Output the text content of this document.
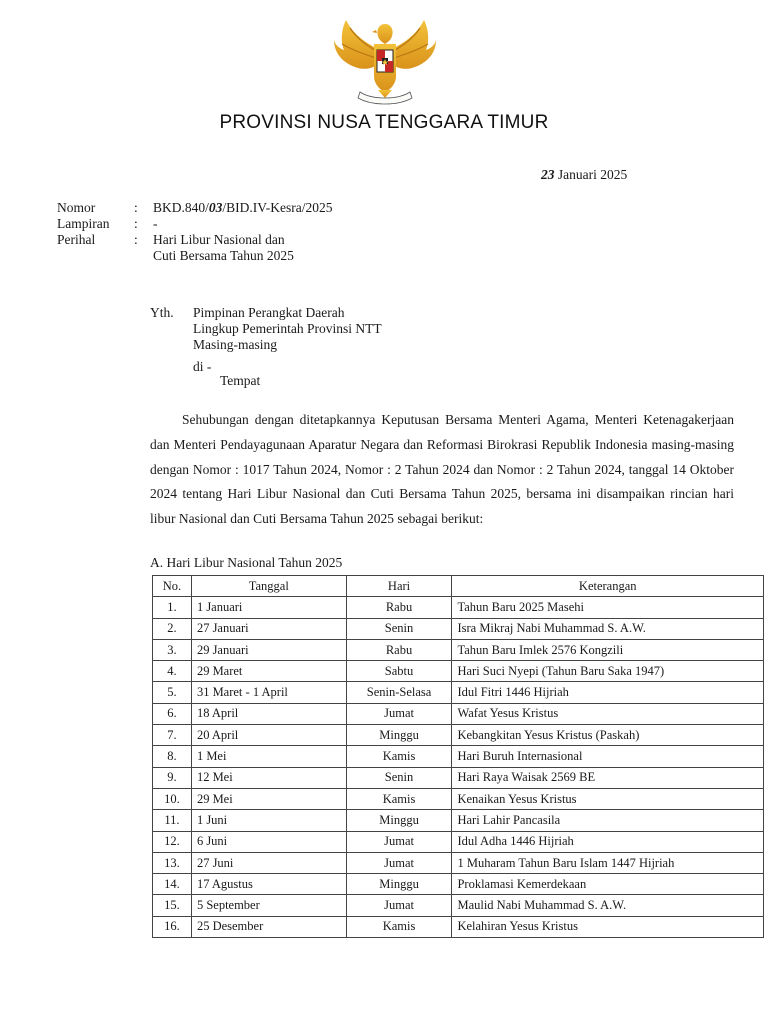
PROVINSI NUSA TENGGARA TIMUR
23 Januari 2025
Nomor	:	BKD.840/03/BID.IV-Kesra/2025
Lampiran	:	-
Perihal	:	Hari Libur Nasional dan
Cuti Bersama Tahun 2025
Yth.	Pimpinan Perangkat Daerah
Lingkup Pemerintah Provinsi NTT
Masing-masing
di -
Tempat
Sehubungan dengan ditetapkannya Keputusan Bersama Menteri Agama, Menteri Ketenagakerjaan dan Menteri Pendayagunaan Aparatur Negara dan Reformasi Birokrasi Republik Indonesia masing-masing dengan Nomor : 1017 Tahun 2024, Nomor : 2 Tahun 2024 dan Nomor : 2 Tahun 2024, tanggal 14 Oktober 2024 tentang Hari Libur Nasional dan Cuti Bersama Tahun 2025, bersama ini disampaikan rincian hari libur Nasional dan Cuti Bersama Tahun 2025 sebagai berikut:
A. Hari Libur Nasional Tahun 2025
No.	Tanggal	Hari	Keterangan
1.	1 Januari	Rabu	Tahun Baru 2025 Masehi
2.	27 Januari	Senin	Isra Mikraj Nabi Muhammad S. A.W.
3.	29 Januari	Rabu	Tahun Baru Imlek 2576 Kongzili
4.	29 Maret	Sabtu	Hari Suci Nyepi (Tahun Baru Saka 1947)
5.	31 Maret - 1 April	Senin-Selasa	Idul Fitri 1446 Hijriah
6.	18 April	Jumat	Wafat Yesus Kristus
7.	20 April	Minggu	Kebangkitan Yesus Kristus (Paskah)
8.	1 Mei	Kamis	Hari Buruh Internasional
9.	12 Mei	Senin	Hari Raya Waisak 2569 BE
10.	29 Mei	Kamis	Kenaikan Yesus Kristus
11.	1 Juni	Minggu	Hari Lahir Pancasila
12.	6 Juni	Jumat	Idul Adha 1446 Hijriah
13.	27 Juni	Jumat	1 Muharam Tahun Baru Islam 1447 Hijriah
14.	17 Agustus	Minggu	Proklamasi Kemerdekaan
15.	5 September	Jumat	Maulid Nabi Muhammad S. A.W.
16.	25 Desember	Kamis	Kelahiran Yesus Kristus
